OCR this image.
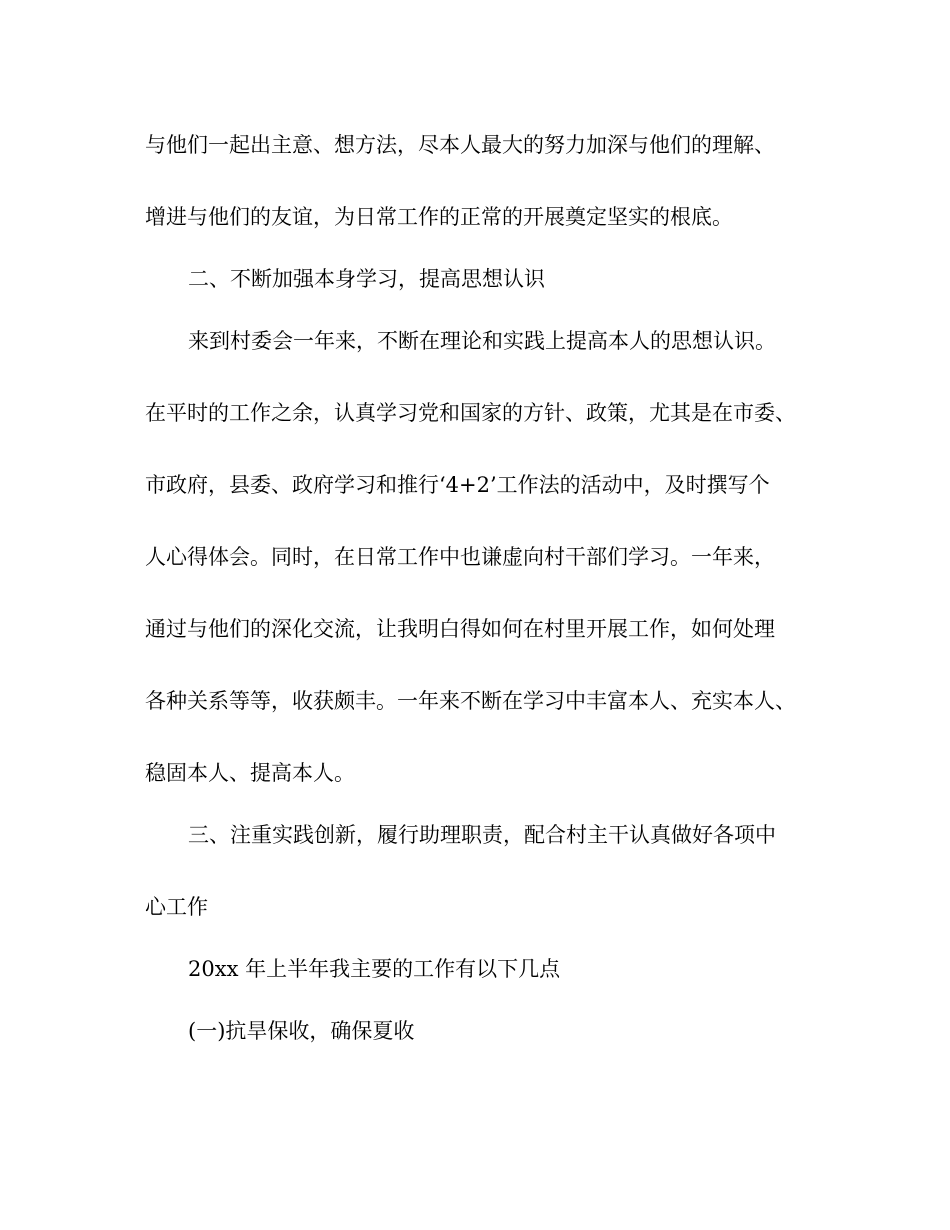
与他们一起出主意、想方法，尽本人最大的努力加深与他们的理解、
增进与他们的友谊，为日常工作的正常的开展奠定坚实的根底。
二、不断加强本身学习，提高思想认识
来到村委会一年来，不断在理论和实践上提高本人的思想认识。
在平时的工作之余，认真学习党和国家的方针、政策，尤其是在市委、
市政府，县委、政府学习和推行‘4+2’工作法的活动中，及时撰写个
人心得体会。同时，在日常工作中也谦虚向村干部们学习。一年来，
通过与他们的深化交流，让我明白得如何在村里开展工作，如何处理
各种关系等等，收获颇丰。一年来不断在学习中丰富本人、充实本人、
稳固本人、提高本人。
三、注重实践创新，履行助理职责，配合村主干认真做好各项中
心工作
20xx 年上半年我主要的工作有以下几点
(一)抗旱保收，确保夏收
